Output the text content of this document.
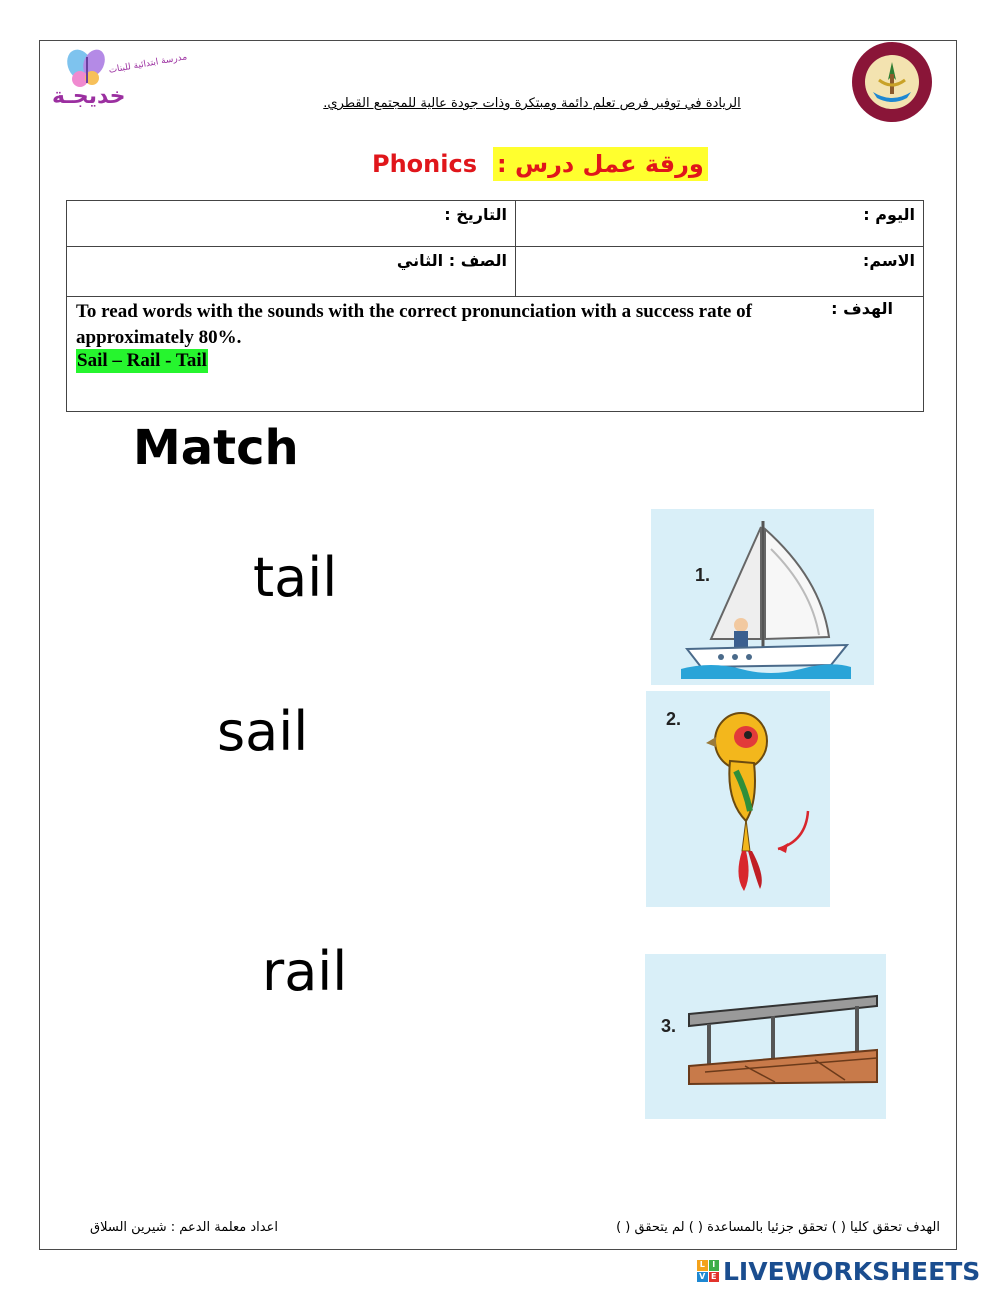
مدرسة ابتدائية للبنات
خديجـة	الريادة في توفير فرص تعلم دائمة ومبتكرة وذات جودة عالية للمجتمع القطري.
Phonics ورقة عمل درس :
التاريخ :	اليوم :
الصف : الثاني	الاسم:

الهدف :
To read words with the sounds with the correct pronunciation with a success rate of approximately 80%.
Sail – Rail - Tail	
Match
tail
sail
rail
1.
2.
3.
الهدف تحقق كليا ( ) تحقق جزئيا بالمساعدة ( ) لم يتحقق ( )
اعداد معلمة الدعم : شيرين السلاق
L I
V E LIVEWORKSHEETS
